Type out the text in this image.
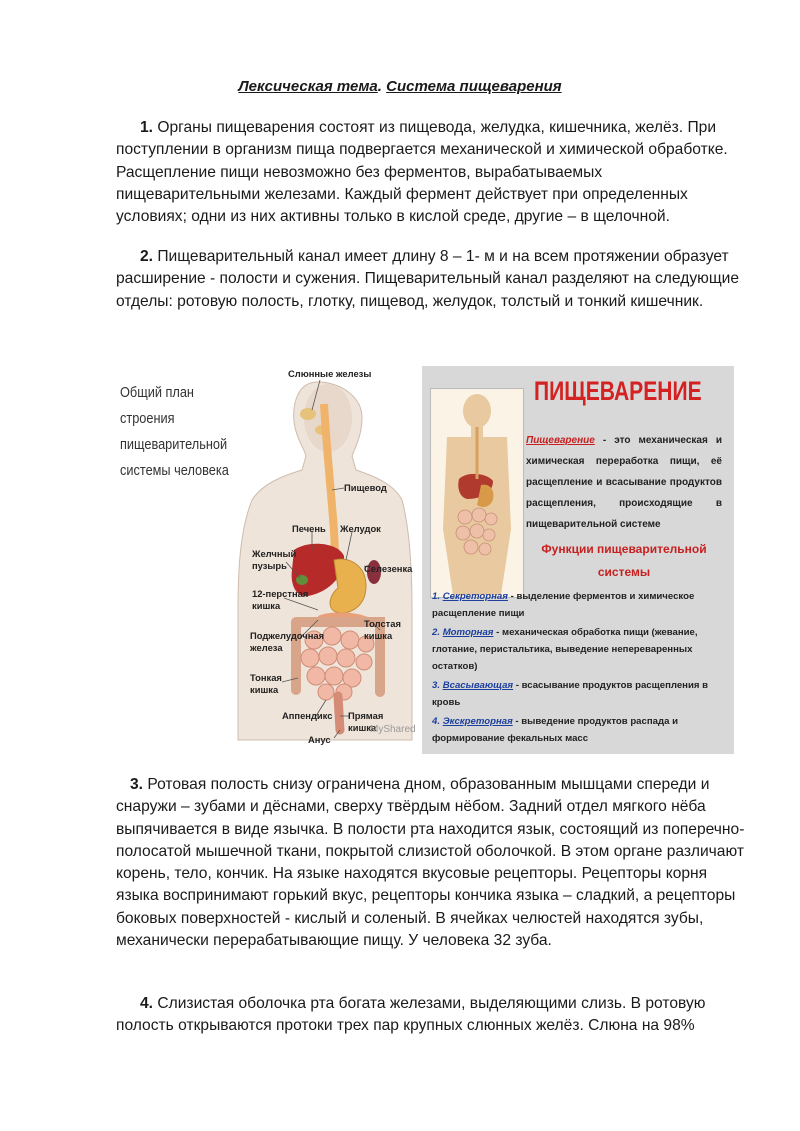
Лексическая тема. Система пищеварения

1. Органы пищеварения состоят из пищевода, желудка, кишечника, желёз. При поступлении в организм пища подвергается механической и химической обработке. Расщепление пищи невозможно без ферментов, вырабатываемых пищеварительными железами. Каждый фермент действует при определенных условиях; одни из них активны только в кислой среде, другие – в щелочной.

2. Пищеварительный канал имеет длину 8 – 1- м и на всем протяжении образует расширение - полости и сужения. Пищеварительный канал разделяют на следующие отделы: ротовую полость, глотку, пищевод, желудок, толстый и тонкий кишечник.

Общий план строения пищеварительной системы человека
Слюнные железы
Пищевод
Печень Желудок
Желчный пузырь	Селезенка
12-перстная кишка
Толстая кишка
Поджелудочная железа
Тонкая кишка
Аппендикс Прямая кишка
Анус
MyShared
ПИЩЕВАРЕНИЕ
Пищеварение - это механическая и химическая переработка пищи, её расщепление и всасывание продуктов расщепления, происходящие в пищеварительной системе
Функции пищеварительной системы
1. Секреторная - выделение ферментов и химическое расщепление пищи
2. Моторная - механическая обработка пищи (жевание, глотание, перистальтика, выведение непереваренных остатков)
3. Всасывающая - всасывание продуктов расщепления в кровь
4. Экскреторная - выведение продуктов распада и формирование фекальных масс

3. Ротовая полость снизу ограничена дном, образованным мышцами спереди и снаружи – зубами и дёснами, сверху твёрдым нёбом. Задний отдел мягкого нёба выпячивается в виде язычка. В полости рта находится язык, состоящий из поперечно-полосатой мышечной ткани, покрытой слизистой оболочкой. В этом органе различают корень, тело, кончик. На языке находятся вкусовые рецепторы. Рецепторы корня языка воспринимают горький вкус, рецепторы кончика языка – сладкий, а рецепторы боковых поверхностей - кислый и соленый. В ячейках челюстей находятся зубы, механически перерабатывающие пищу. У человека 32 зуба.

4. Слизистая оболочка рта богата железами, выделяющими слизь. В ротовую полость открываются протоки трех пар крупных слюнных желёз. Слюна на 98%
